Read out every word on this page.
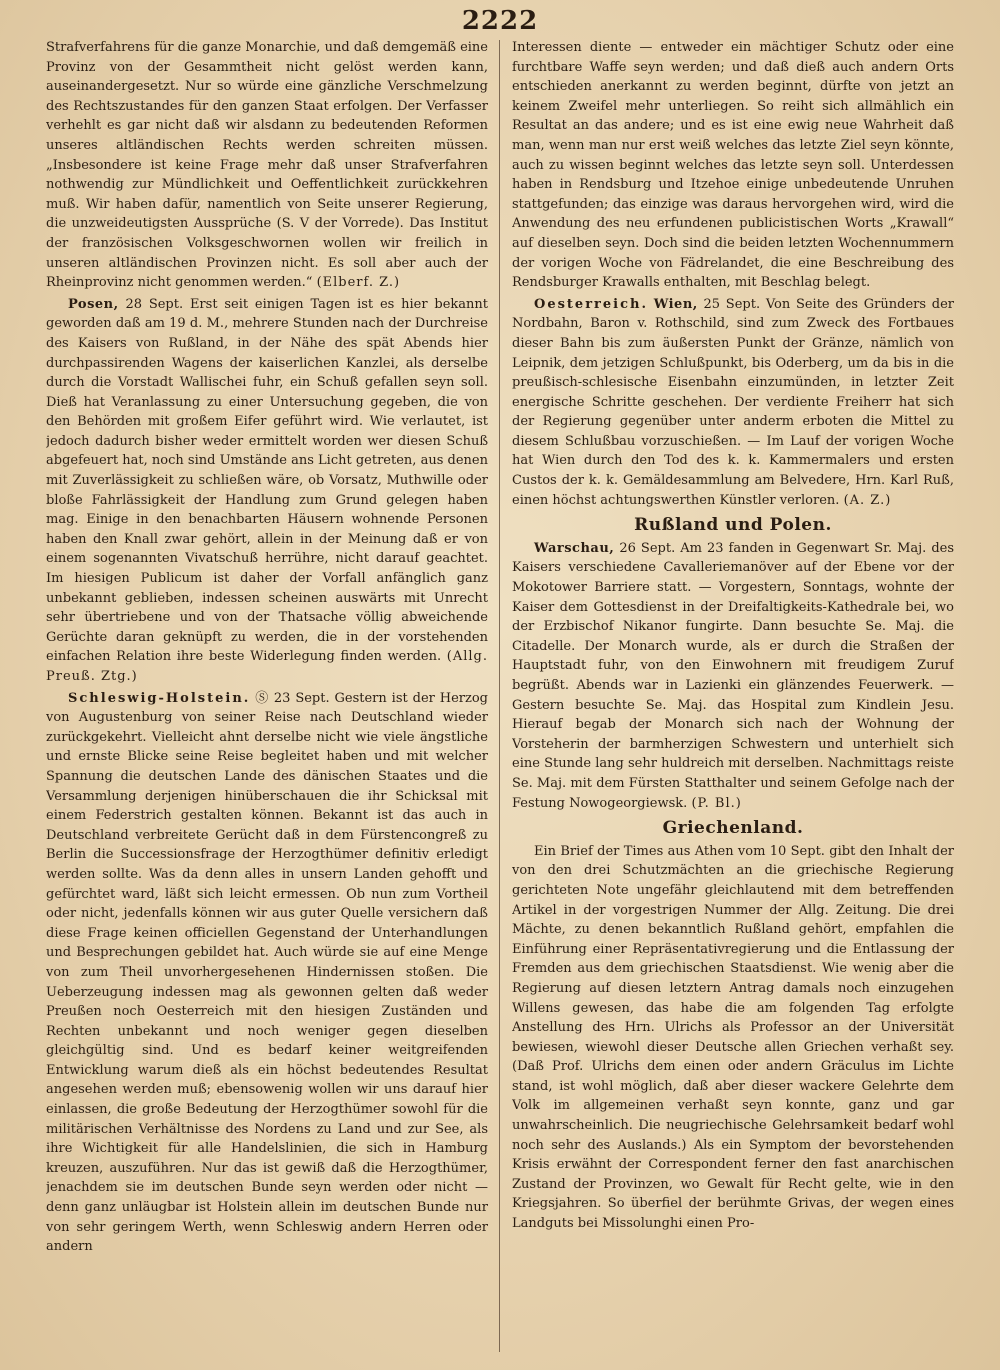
2222

Strafverfahrens für die ganze Monarchie, und daß demgemäß eine Provinz von der Gesammtheit nicht gelöst werden kann, auseinandergesetzt. Nur so würde eine gänzliche Verschmelzung des Rechtszustandes für den ganzen Staat erfolgen. Der Verfasser verhehlt es gar nicht daß wir alsdann zu bedeutenden Reformen unseres altländischen Rechts werden schreiten müssen. „Insbesondere ist keine Frage mehr daß unser Strafverfahren nothwendig zur Mündlichkeit und Oeffentlichkeit zurückkehren muß. Wir haben dafür, namentlich von Seite unserer Regierung, die unzweideutigsten Aussprüche (S. V der Vorrede). Das Institut der französischen Volksgeschwornen wollen wir freilich in unseren altländischen Provinzen nicht. Es soll aber auch der Rheinprovinz nicht genommen werden.“ (Elberf. Z.)

Posen, 28 Sept. Erst seit einigen Tagen ist es hier bekannt geworden daß am 19 d. M., mehrere Stunden nach der Durchreise des Kaisers von Rußland, in der Nähe des spät Abends hier durchpassirenden Wagens der kaiserlichen Kanzlei, als derselbe durch die Vorstadt Wallischei fuhr, ein Schuß gefallen seyn soll. Dieß hat Veranlassung zu einer Untersuchung gegeben, die von den Behörden mit großem Eifer geführt wird. Wie verlautet, ist jedoch dadurch bisher weder ermittelt worden wer diesen Schuß abgefeuert hat, noch sind Umstände ans Licht getreten, aus denen mit Zuverlässigkeit zu schließen wäre, ob Vorsatz, Muthwille oder bloße Fahrlässigkeit der Handlung zum Grund gelegen haben mag. Einige in den benachbarten Häusern wohnende Personen haben den Knall zwar gehört, allein in der Meinung daß er von einem sogenannten Vivatschuß herrühre, nicht darauf geachtet. Im hiesigen Publicum ist daher der Vorfall anfänglich ganz unbekannt geblieben, indessen scheinen auswärts mit Unrecht sehr übertriebene und von der Thatsache völlig abweichende Gerüchte daran geknüpft zu werden, die in der vorstehenden einfachen Relation ihre beste Widerlegung finden werden. (Allg. Preuß. Ztg.)

Schleswig-Holstein. Ⓢ 23 Sept. Gestern ist der Herzog von Augustenburg von seiner Reise nach Deutschland wieder zurückgekehrt. Vielleicht ahnt derselbe nicht wie viele ängstliche und ernste Blicke seine Reise begleitet haben und mit welcher Spannung die deutschen Lande des dänischen Staates und die Versammlung derjenigen hinüberschauen die ihr Schicksal mit einem Federstrich gestalten können. Bekannt ist das auch in Deutschland verbreitete Gerücht daß in dem Fürstencongreß zu Berlin die Successionsfrage der Herzogthümer definitiv erledigt werden sollte. Was da denn alles in unsern Landen gehofft und gefürchtet ward, läßt sich leicht ermessen. Ob nun zum Vortheil oder nicht, jedenfalls können wir aus guter Quelle versichern daß diese Frage keinen officiellen Gegenstand der Unterhandlungen und Besprechungen gebildet hat. Auch würde sie auf eine Menge von zum Theil unvorhergesehenen Hindernissen stoßen. Die Ueberzeugung indessen mag als gewonnen gelten daß weder Preußen noch Oesterreich mit den hiesigen Zuständen und Rechten unbekannt und noch weniger gegen dieselben gleichgültig sind. Und es bedarf keiner weitgreifenden Entwicklung warum dieß als ein höchst bedeutendes Resultat angesehen werden muß; ebensowenig wollen wir uns darauf hier einlassen, die große Bedeutung der Herzogthümer sowohl für die militärischen Verhältnisse des Nordens zu Land und zur See, als ihre Wichtigkeit für alle Handelslinien, die sich in Hamburg kreuzen, auszuführen. Nur das ist gewiß daß die Herzogthümer, jenachdem sie im deutschen Bunde seyn werden oder nicht — denn ganz unläugbar ist Holstein allein im deutschen Bunde nur von sehr geringem Werth, wenn Schleswig andern Herren oder andern

Interessen diente — entweder ein mächtiger Schutz oder eine furchtbare Waffe seyn werden; und daß dieß auch andern Orts entschieden anerkannt zu werden beginnt, dürfte von jetzt an keinem Zweifel mehr unterliegen. So reiht sich allmählich ein Resultat an das andere; und es ist eine ewig neue Wahrheit daß man, wenn man nur erst weiß welches das letzte Ziel seyn könnte, auch zu wissen beginnt welches das letzte seyn soll. Unterdessen haben in Rendsburg und Itzehoe einige unbedeutende Unruhen stattgefunden; das einzige was daraus hervorgehen wird, wird die Anwendung des neu erfundenen publicistischen Worts „Krawall“ auf dieselben seyn. Doch sind die beiden letzten Wochennummern der vorigen Woche von Fädrelandet, die eine Beschreibung des Rendsburger Krawalls enthalten, mit Beschlag belegt.

Oesterreich. Wien, 25 Sept. Von Seite des Gründers der Nordbahn, Baron v. Rothschild, sind zum Zweck des Fortbaues dieser Bahn bis zum äußersten Punkt der Gränze, nämlich von Leipnik, dem jetzigen Schlußpunkt, bis Oderberg, um da bis in die preußisch-schlesische Eisenbahn einzumünden, in letzter Zeit energische Schritte geschehen. Der verdiente Freiherr hat sich der Regierung gegenüber unter anderm erboten die Mittel zu diesem Schlußbau vorzuschießen. — Im Lauf der vorigen Woche hat Wien durch den Tod des k. k. Kammermalers und ersten Custos der k. k. Gemäldesammlung am Belvedere, Hrn. Karl Ruß, einen höchst achtungswerthen Künstler verloren. (A. Z.)

Rußland und Polen.

Warschau, 26 Sept. Am 23 fanden in Gegenwart Sr. Maj. des Kaisers verschiedene Cavalleriemanöver auf der Ebene vor der Mokotower Barriere statt. — Vorgestern, Sonntags, wohnte der Kaiser dem Gottesdienst in der Dreifaltigkeits-Kathedrale bei, wo der Erzbischof Nikanor fungirte. Dann besuchte Se. Maj. die Citadelle. Der Monarch wurde, als er durch die Straßen der Hauptstadt fuhr, von den Einwohnern mit freudigem Zuruf begrüßt. Abends war in Lazienki ein glänzendes Feuerwerk. — Gestern besuchte Se. Maj. das Hospital zum Kindlein Jesu. Hierauf begab der Monarch sich nach der Wohnung der Vorsteherin der barmherzigen Schwestern und unterhielt sich eine Stunde lang sehr huldreich mit derselben. Nachmittags reiste Se. Maj. mit dem Fürsten Statthalter und seinem Gefolge nach der Festung Nowogeorgiewsk. (P. Bl.)

Griechenland.

Ein Brief der Times aus Athen vom 10 Sept. gibt den Inhalt der von den drei Schutzmächten an die griechische Regierung gerichteten Note ungefähr gleichlautend mit dem betreffenden Artikel in der vorgestrigen Nummer der Allg. Zeitung. Die drei Mächte, zu denen bekanntlich Rußland gehört, empfahlen die Einführung einer Repräsentativregierung und die Entlassung der Fremden aus dem griechischen Staatsdienst. Wie wenig aber die Regierung auf diesen letztern Antrag damals noch einzugehen Willens gewesen, das habe die am folgenden Tag erfolgte Anstellung des Hrn. Ulrichs als Professor an der Universität bewiesen, wiewohl dieser Deutsche allen Griechen verhaßt sey. (Daß Prof. Ulrichs dem einen oder andern Gräculus im Lichte stand, ist wohl möglich, daß aber dieser wackere Gelehrte dem Volk im allgemeinen verhaßt seyn konnte, ganz und gar unwahrscheinlich. Die neugriechische Gelehrsamkeit bedarf wohl noch sehr des Auslands.) Als ein Symptom der bevorstehenden Krisis erwähnt der Correspondent ferner den fast anarchischen Zustand der Provinzen, wo Gewalt für Recht gelte, wie in den Kriegsjahren. So überfiel der berühmte Grivas, der wegen eines Landguts bei Missolunghi einen Pro-
